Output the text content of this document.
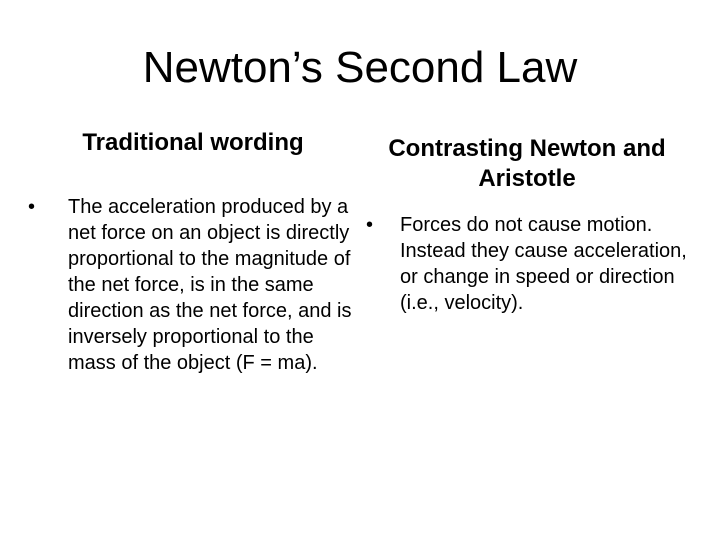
Newton’s Second Law
Traditional wording
• The acceleration produced by a net force on an object is directly proportional to the magnitude of the net force, is in the same direction as the net force, and is inversely proportional to the mass of the object (F = ma).
Contrasting Newton and Aristotle
• Forces do not cause motion. Instead they cause acceleration, or change in speed or direction (i.e., velocity).
